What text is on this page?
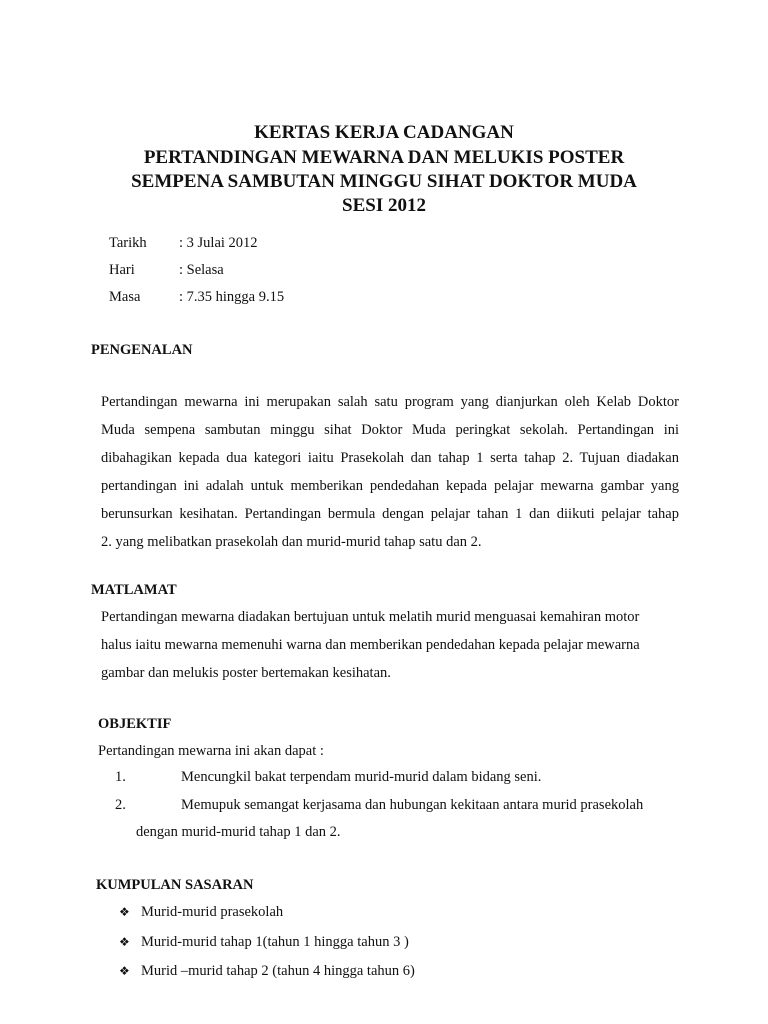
KERTAS KERJA CADANGAN
PERTANDINGAN MEWARNA DAN MELUKIS POSTER
SEMPENA SAMBUTAN MINGGU SIHAT DOKTOR MUDA
SESI 2012
Tarikh : 3 Julai 2012
Hari	: Selasa
Masa	: 7.35 hingga 9.15
PENGENALAN
Pertandingan mewarna ini merupakan salah satu program yang dianjurkan oleh Kelab Doktor
Muda sempena sambutan minggu sihat Doktor Muda peringkat sekolah. Pertandingan ini
dibahagikan kepada dua kategori iaitu Prasekolah dan tahap 1 serta tahap 2. Tujuan diadakan
pertandingan ini adalah untuk memberikan pendedahan kepada pelajar mewarna gambar yang
berunsurkan kesihatan. Pertandingan bermula dengan pelajar tahan 1 dan diikuti pelajar tahap
2. yang melibatkan prasekolah dan murid-murid tahap satu dan 2.
MATLAMAT
Pertandingan mewarna diadakan bertujuan untuk melatih murid menguasai kemahiran motor
halus iaitu mewarna memenuhi warna dan memberikan pendedahan kepada pelajar mewarna
gambar dan melukis poster bertemakan kesihatan.
OBJEKTIF
Pertandingan mewarna ini akan dapat :
1.	Mencungkil bakat terpendam murid-murid dalam bidang seni.
2.	Memupuk semangat kerjasama dan hubungan kekitaan antara murid prasekolah
dengan murid-murid tahap 1 dan 2.
KUMPULAN SASARAN
❖ Murid-murid prasekolah
❖ Murid-murid tahap 1(tahun 1 hingga tahun 3 )
❖ Murid –murid tahap 2 (tahun 4 hingga tahun 6)
